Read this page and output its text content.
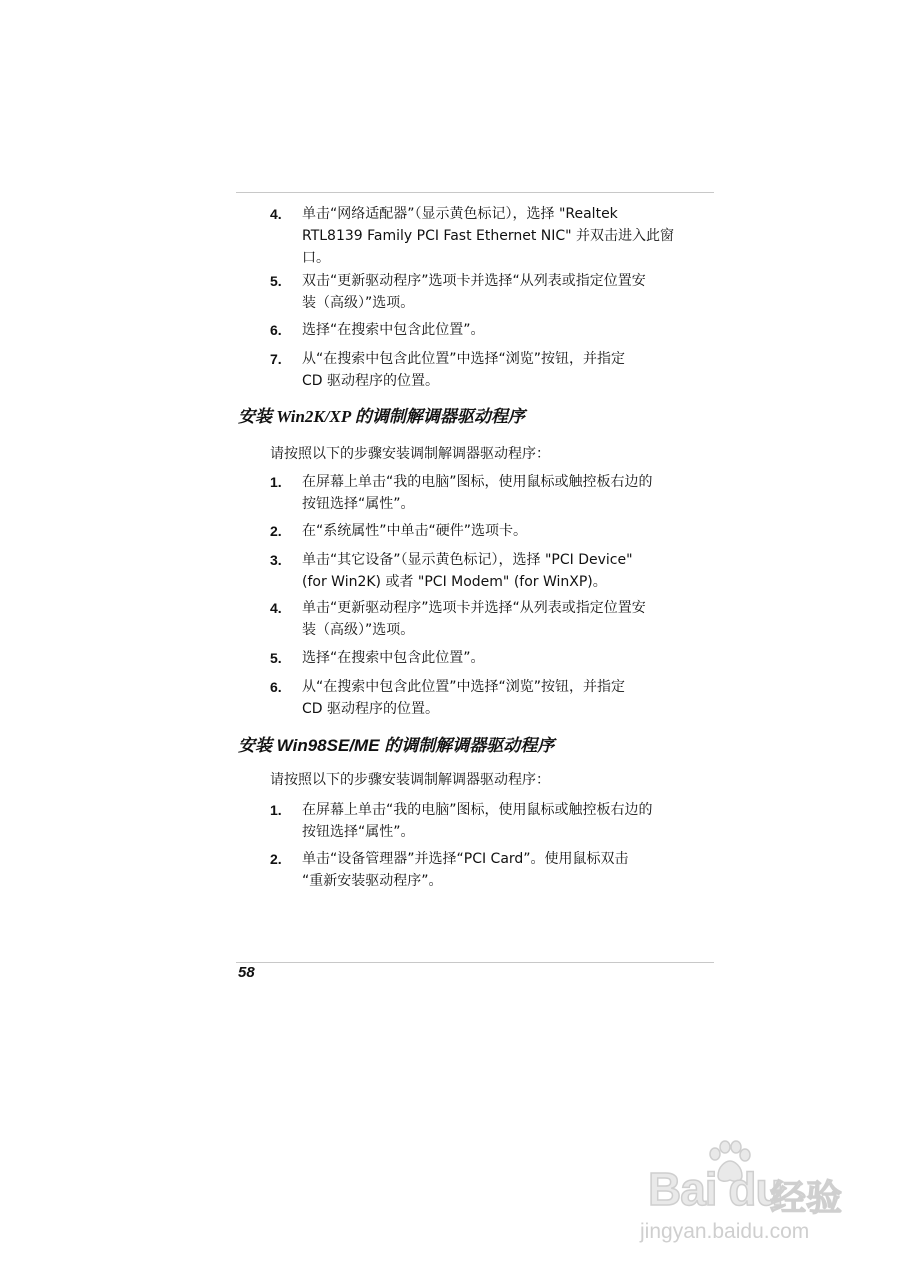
4. 单击“网络适配器”（显示黄色标记），选择 "Realtek
RTL8139 Family PCI Fast Ethernet NIC" 并双击进入此窗
口。
5. 双击“更新驱动程序”选项卡并选择“从列表或指定位置安
装（高级）”选项。
6. 选择“在搜索中包含此位置”。
7. 从“在搜索中包含此位置”中选择“浏览”按钮，并指定
CD 驱动程序的位置。
安装 Win2K/XP 的调制解调器驱动程序
请按照以下的步骤安装调制解调器驱动程序：
1. 在屏幕上单击“我的电脑”图标，使用鼠标或触控板右边的
按钮选择“属性”。
2. 在“系统属性”中单击“硬件”选项卡。
3. 单击“其它设备”（显示黄色标记），选择 "PCI Device"
(for Win2K) 或者 "PCI Modem" (for WinXP)。
4. 单击“更新驱动程序”选项卡并选择“从列表或指定位置安
装（高级）”选项。
5. 选择“在搜索中包含此位置”。
6. 从“在搜索中包含此位置”中选择“浏览”按钮，并指定
CD 驱动程序的位置。
安装 Win98SE/ME 的调制解调器驱动程序
请按照以下的步骤安装调制解调器驱动程序：
1. 在屏幕上单击“我的电脑”图标，使用鼠标或触控板右边的
按钮选择“属性”。
2. 单击“设备管理器”并选择“PCI Card”。使用鼠标双击
“重新安装驱动程序”。
58
Bai du
经验
jingyan.baidu.com
